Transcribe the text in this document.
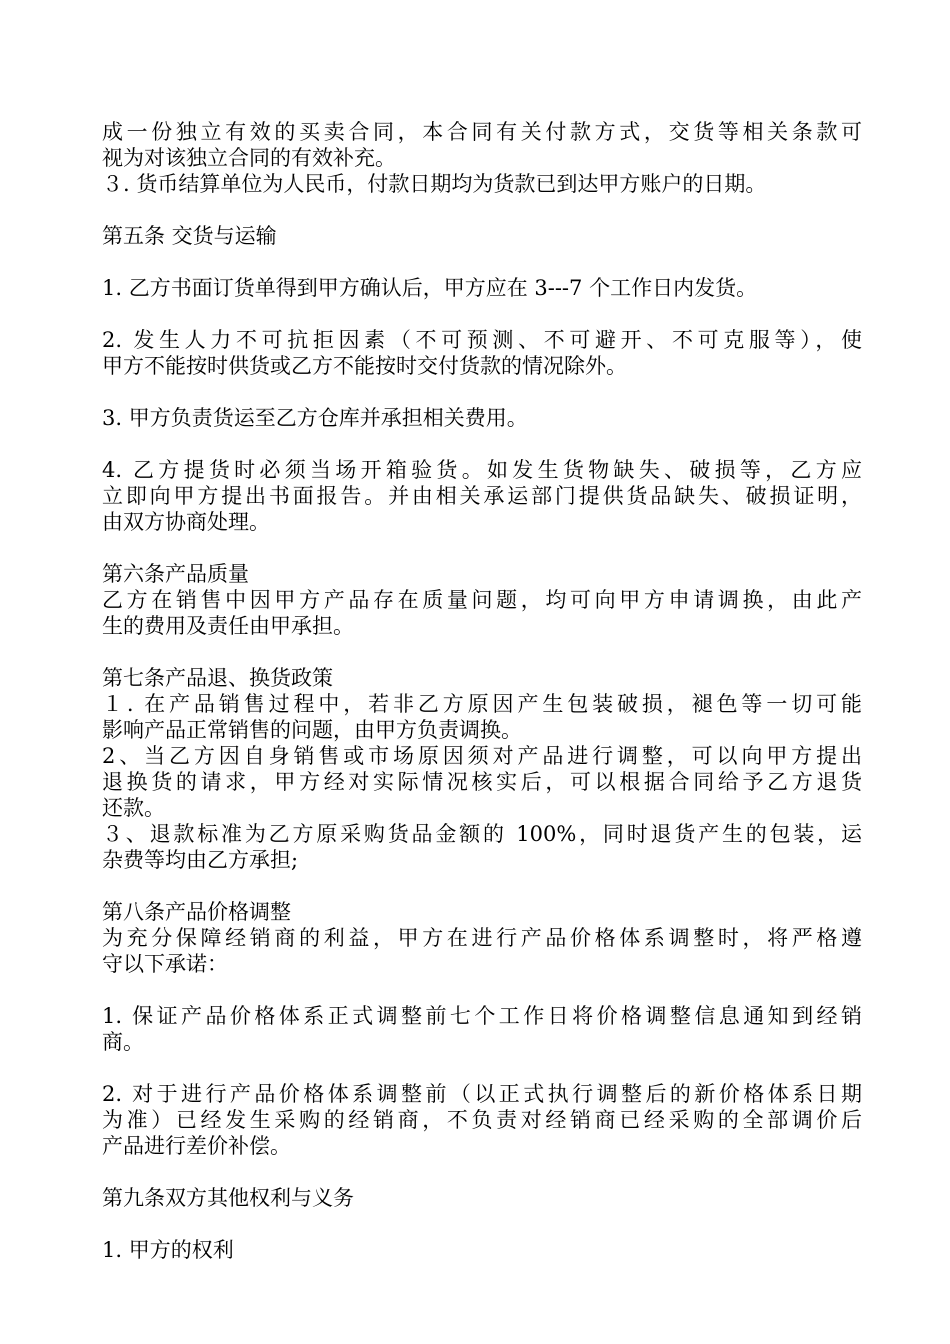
成一份独立有效的买卖合同，本合同有关付款方式，交货等相关条款可
视为对该独立合同的有效补充。
３. 货币结算单位为人民币，付款日期均为货款已到达甲方账户的日期。
第五条 交货与运输
1. 乙方书面订货单得到甲方确认后，甲方应在 3---7 个工作日内发货。
2. 发生人力不可抗拒因素（不可预测、不可避开、不可克服等），使
甲方不能按时供货或乙方不能按时交付货款的情况除外。
3. 甲方负责货运至乙方仓库并承担相关费用。
4. 乙方提货时必须当场开箱验货。如发生货物缺失、破损等，乙方应
立即向甲方提出书面报告。并由相关承运部门提供货品缺失、破损证明，
由双方协商处理。
第六条产品质量
乙方在销售中因甲方产品存在质量问题，均可向甲方申请调换，由此产
生的费用及责任由甲承担。
第七条产品退、换货政策
１. 在产品销售过程中，若非乙方原因产生包装破损，褪色等一切可能
影响产品正常销售的问题，由甲方负责调换。
2、当乙方因自身销售或市场原因须对产品进行调整，可以向甲方提出
退换货的请求，甲方经对实际情况核实后，可以根据合同给予乙方退货
还款。
３、退款标准为乙方原采购货品金额的 100%，同时退货产生的包装，运
杂费等均由乙方承担;
第八条产品价格调整
为充分保障经销商的利益，甲方在进行产品价格体系调整时，将严格遵
守以下承诺：
1. 保证产品价格体系正式调整前七个工作日将价格调整信息通知到经销
商。
2. 对于进行产品价格体系调整前（以正式执行调整后的新价格体系日期
为准）已经发生采购的经销商，不负责对经销商已经采购的全部调价后
产品进行差价补偿。
第九条双方其他权利与义务
1. 甲方的权利
